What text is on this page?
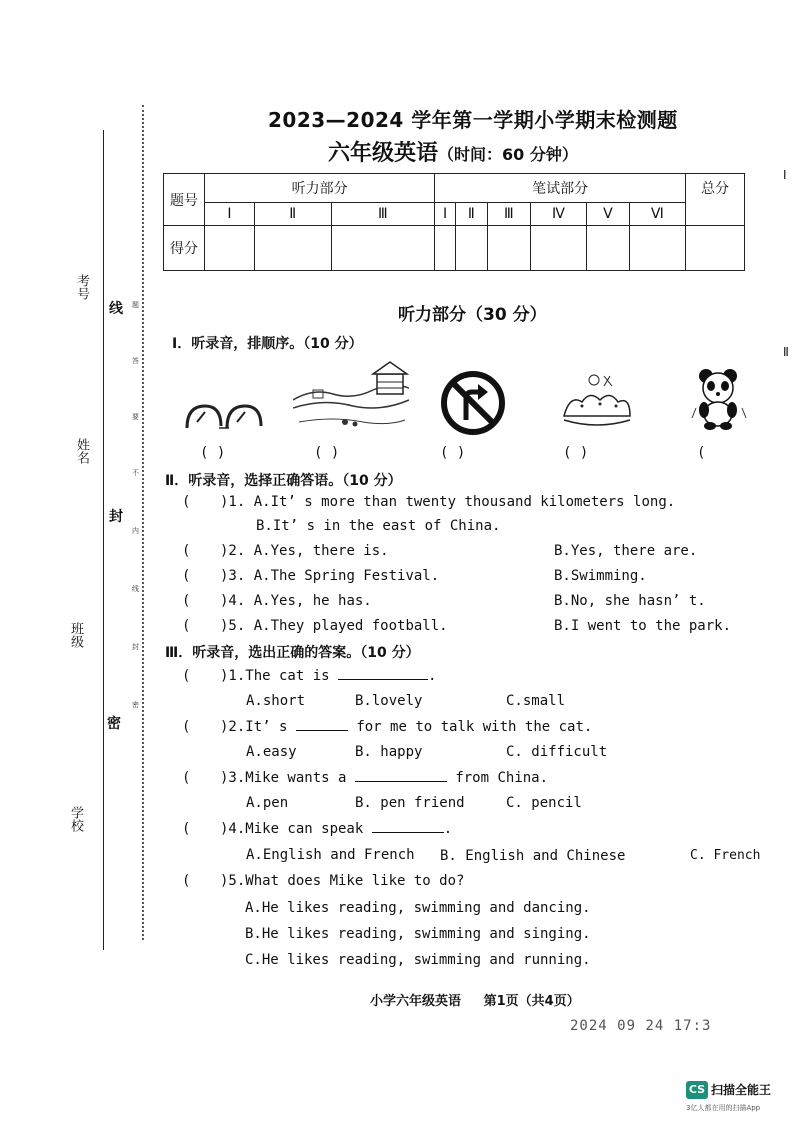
考号
姓名
班级
学校
线
封
密
题
答
要
不
内
线
封
密
2023—2024 学年第一学期小学期末检测题
六年级英语（时间：60 分钟）
题号	听力部分			笔试部分						总分
	I	Ⅱ	Ⅲ	I	Ⅱ	Ⅲ	Ⅳ	V	Ⅵ	
得分										
I
Ⅱ
听力部分（30 分）
I．听录音，排顺序。（10 分）
( )	( )	( )	( )	(
Ⅱ．听录音，选择正确答语。（10 分）
( )1. A.It’ s more than twenty thousand kilometers long.
B.It’ s in the east of China.
( )2. A.Yes, there is.	B.Yes, there are.
( )3. A.The Spring Festival.	B.Swimming.
( )4. A.Yes, he has.	B.No, she hasn’ t.
( )5. A.They played football.	B.I went to the park.
Ⅲ．听录音，选出正确的答案。（10 分）
( )1.The cat is	.
A.short	B.lovely	C.small
( )2.It’ s	for me to talk with the cat.
A.easy	B. happy	C. difficult
( )3.Mike wants a	from China.
A.pen	B. pen friend	C. pencil
( )4.Mike can speak	.
A.English and French B. English and Chinese	C. French
( )5.What does Mike like to do?
A.He likes reading, swimming and dancing.
B.He likes reading, swimming and singing.
C.He likes reading, swimming and running.
小学六年级英语     第1页（共4页）
2024 09 24 17:3
CS 扫描全能王
3亿人都在用的扫描App
